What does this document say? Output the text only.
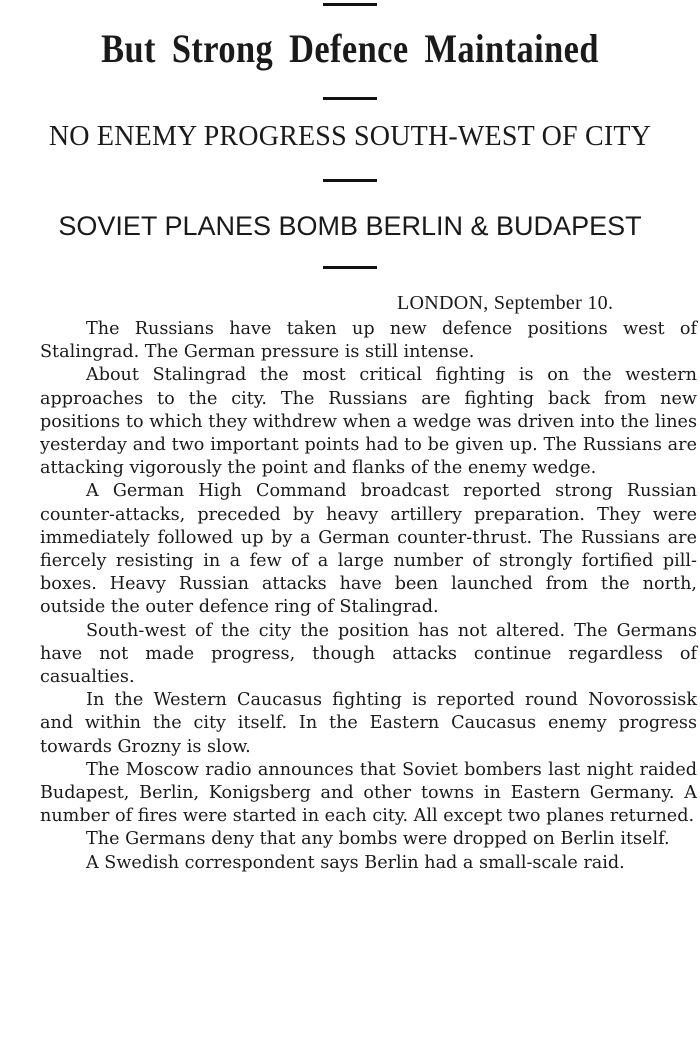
But Strong Defence Maintained
NO ENEMY PROGRESS SOUTH-WEST OF CITY
SOVIET PLANES BOMB BERLIN & BUDAPEST
LONDON, September 10.

The Russians have taken up new defence positions west of Stalingrad. The German pressure is still intense.

About Stalingrad the most critical fighting is on the western approaches to the city. The Russians are fighting back from new positions to which they withdrew when a wedge was driven into the lines yesterday and two important points had to be given up. The Russians are attacking vigorously the point and flanks of the enemy wedge.

A German High Command broadcast reported strong Russian counter-attacks, preceded by heavy artillery preparation. They were immediately followed up by a German counter-thrust. The Russians are fiercely resisting in a few of a large number of strongly fortified pill-boxes. Heavy Russian attacks have been launched from the north, outside the outer defence ring of Stalingrad.

South-west of the city the position has not altered. The Germans have not made progress, though attacks continue regardless of casualties.

In the Western Caucasus fighting is reported round Novorossisk and within the city itself. In the Eastern Caucasus enemy progress towards Grozny is slow.

The Moscow radio announces that Soviet bombers last night raided Budapest, Berlin, Konigsberg and other towns in Eastern Germany. A number of fires were started in each city. All except two planes returned.

The Germans deny that any bombs were dropped on Berlin itself.

A Swedish correspondent says Berlin had a small-scale raid.
